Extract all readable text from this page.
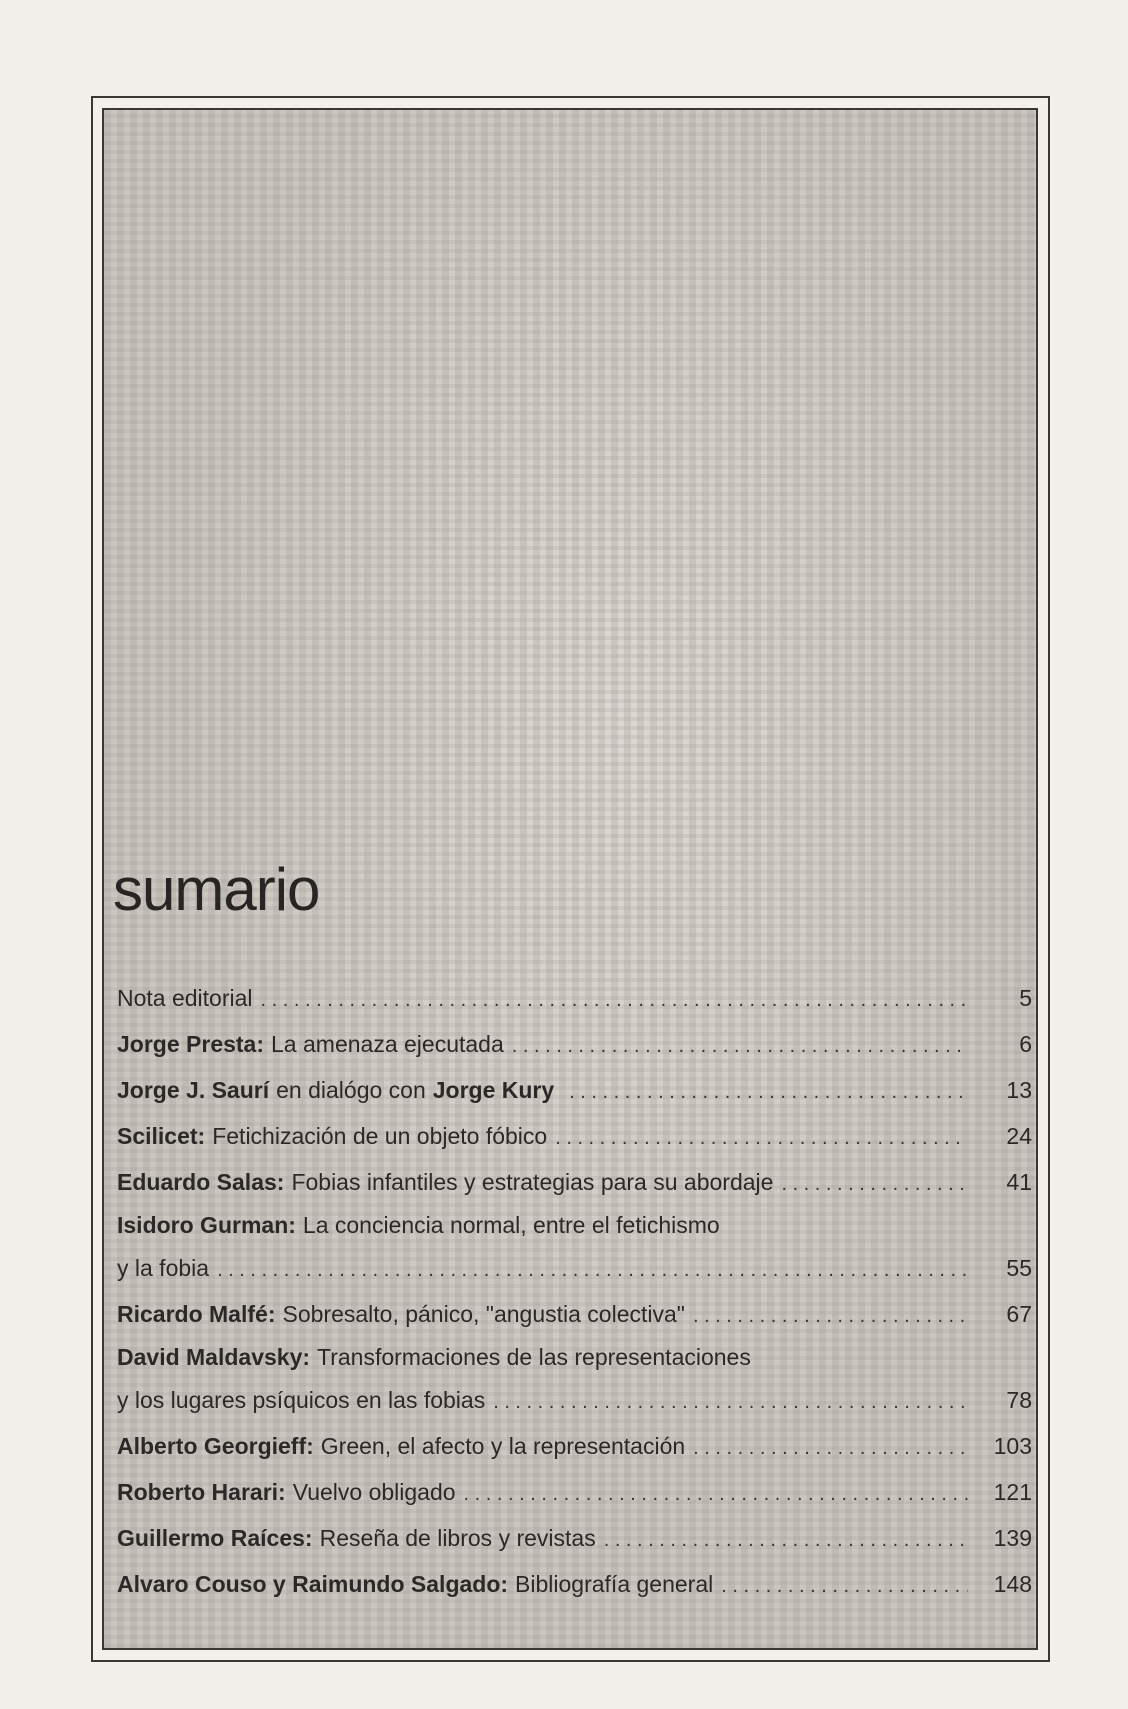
sumario
Nota editorial . . .	5
Jorge Presta: La amenaza ejecutada . . .	6
Jorge J. Saurí en dialógo con Jorge Kury . . .	13
Scilicet: Fetichización de un objeto fóbico . . .	24
Eduardo Salas: Fobias infantiles y estrategias para su abordaje . . .	41
Isidoro Gurman: La conciencia normal, entre el fetichismo
y la fobia . . .	55
Ricardo Malfé: Sobresalto, pánico, "angustia colectiva" . . .	67
David Maldavsky: Transformaciones de las representaciones
y los lugares psíquicos en las fobias . . .	78
Alberto Georgieff: Green, el afecto y la representación . . .	103
Roberto Harari: Vuelvo obligado . . .	121
Guillermo Raíces: Reseña de libros y revistas . . .	139
Alvaro Couso y Raimundo Salgado: Bibliografía general . . .	148
